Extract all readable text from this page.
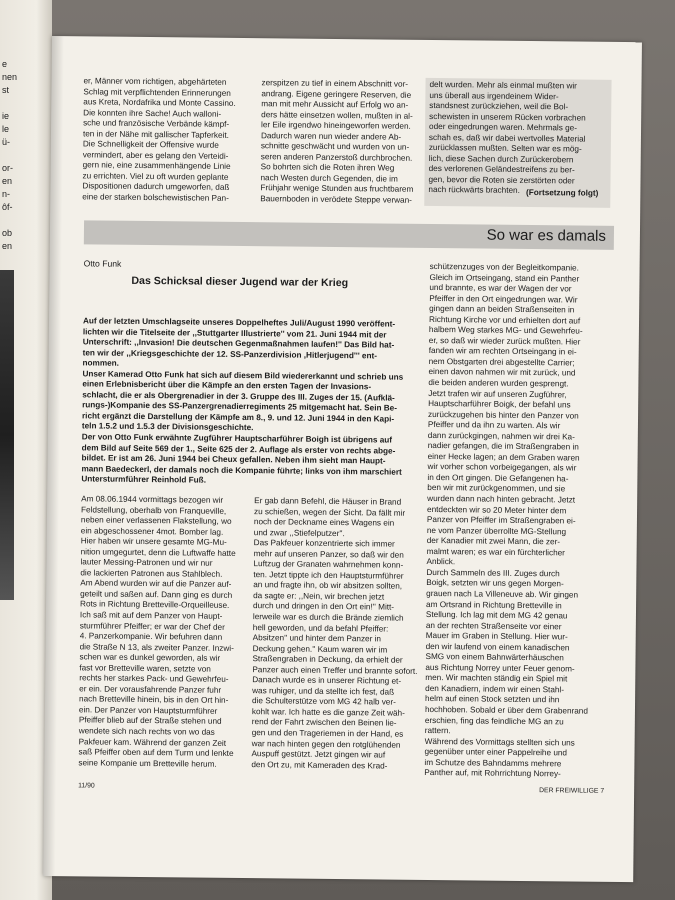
e
nen
st
ie
le
ü-
or-
en
n-
ôf-
ob
en
er, Männer vom richtigen, abgehärteten
Schlag mit verpflichtenden Erinnerungen
aus Kreta, Nordafrika und Monte Cassino.
Die konnten ihre Sache! Auch walloni-
sche und französische Verbände kämpf-
ten in der Nähe mit gallischer Tapferkeit.
Die Schnelligkeit der Offensive wurde
vermindert, aber es gelang den Verteidi-
gern nie, eine zusammenhängende Linie
zu errichten. Viel zu oft wurden geplante
Dispositionen dadurch umgeworfen, daß
eine der starken bolschewistischen Pan-
zerspitzen zu tief in einem Abschnitt vor-
andrang. Eigene geringere Reserven, die
man mit mehr Aussicht auf Erfolg wo an-
ders hätte einsetzen wollen, mußten in al-
ler Eile irgendwo hineingeworfen werden.
Dadurch waren nun wieder andere Ab-
schnitte geschwächt und wurden von un-
seren anderen Panzerstoß durchbrochen.
So bohrten sich die Roten ihren Weg
nach Westen durch Gegenden, die im
Frühjahr wenige Stunden aus fruchtbarem
Bauernboden in verödete Steppe verwan-
delt wurden. Mehr als einmal mußten wir
uns überall aus irgendeinem Wider-
standsnest zurückziehen, weil die Bol-
schewisten in unserem Rücken vorbrachen
oder eingedrungen waren. Mehrmals ge-
schah es, daß wir dabei wertvolles Material
zurücklassen mußten. Selten war es mög-
lich, diese Sachen durch Zurückerobern
des verlorenen Geländestreifens zu ber-
gen, bevor die Roten sie zerstörten oder
nach rückwärts brachten. (Fortsetzung folgt)
So war es damals
Otto Funk
Das Schicksal dieser Jugend war der Krieg
Auf der letzten Umschlagseite unseres Doppelheftes Juli/August 1990 veröffent-
lichten wir die Titelseite der ,,Stuttgarter Illustrierte'' vom 21. Juni 1944 mit der
Unterschrift: ,,Invasion! Die deutschen Gegenmaßnahmen laufen!'' Das Bild hat-
ten wir der ,,Kriegsgeschichte der 12. SS-Panzerdivision ,Hitlerjugend''' ent-
nommen.
Unser Kamerad Otto Funk hat sich auf diesem Bild wiedererkannt und schrieb uns
einen Erlebnisbericht über die Kämpfe an den ersten Tagen der Invasions-
schlacht, die er als Obergrenadier in der 3. Gruppe des III. Zuges der 15. (Aufklä-
rungs-)Kompanie des SS-Panzergrenadierregiments 25 mitgemacht hat. Sein Be-
richt ergänzt die Darstellung der Kämpfe am 8., 9. und 12. Juni 1944 in den Kapi-
teln 1.5.2 und 1.5.3 der Divisionsgeschichte.
Der von Otto Funk erwähnte Zugführer Hauptscharführer Boigh ist übrigens auf
dem Bild auf Seite 569 der 1., Seite 625 der 2. Auflage als erster von rechts abge-
bildet. Er ist am 26. Juni 1944 bei Cheux gefallen. Neben ihm sieht man Haupt-
mann Baedeckerl, der damals noch die Kompanie führte; links von ihm marschiert
Untersturmführer Reinhold Fuß.
Am 08.06.1944 vormittags bezogen wir
Feldstellung, oberhalb von Franqueville,
neben einer verlassenen Flakstellung, wo
ein abgeschossener 4mot. Bomber lag.
Hier haben wir unsere gesamte MG-Mu-
nition umgegurtet, denn die Luftwaffe hatte
lauter Messing-Patronen und wir nur
die lackierten Patronen aus Stahlblech.
Am Abend wurden wir auf die Panzer auf-
geteilt und saßen auf. Dann ging es durch
Rots in Richtung Bretteville-Orqueilleuse.
Ich saß mit auf dem Panzer von Haupt-
sturmführer Pfeiffer; er war der Chef der
4. Panzerkompanie. Wir befuhren dann
die Straße N 13, als zweiter Panzer. Inzwi-
schen war es dunkel geworden, als wir
fast vor Bretteville waren, setzte von
rechts her starkes Pack- und Gewehrfeu-
er ein. Der vorausfahrende Panzer fuhr
nach Bretteville hinein, bis in den Ort hin-
ein. Der Panzer von Hauptsturmführer
Pfeiffer blieb auf der Straße stehen und
wendete sich nach rechts von wo das
Pakfeuer kam. Während der ganzen Zeit
saß Pfeiffer oben auf dem Turm und lenkte
seine Kompanie um Bretteville herum.
Er gab dann Befehl, die Häuser in Brand
zu schießen, wegen der Sicht. Da fällt mir
noch der Deckname eines Wagens ein
und zwar ,,Stiefelputzer''.
Das Pakfeuer konzentrierte sich immer
mehr auf unseren Panzer, so daß wir den
Luftzug der Granaten wahrnehmen konn-
ten. Jetzt tippte ich den Hauptsturmführer
an und fragte ihn, ob wir absitzen sollten,
da sagte er: ,,Nein, wir brechen jetzt
durch und dringen in den Ort ein!'' Mitt-
lerweile war es durch die Brände ziemlich
hell geworden, und da befahl Pfeiffer:
Absitzen'' und hinter dem Panzer in
Deckung gehen.'' Kaum waren wir im
Straßengraben in Deckung, da erhielt der
Panzer auch einen Treffer und brannte sofort.
Danach wurde es in unserer Richtung et-
was ruhiger, und da stellte ich fest, daß
die Schulterstütze vom MG 42 halb ver-
kohlt war. Ich hatte es die ganze Zeit wäh-
rend der Fahrt zwischen den Beinen lie-
gen und den Trageriemen in der Hand, es
war nach hinten gegen den rotglühenden
Auspuff gestützt. Jetzt gingen wir auf
den Ort zu, mit Kameraden des Krad-
schützenzuges von der Begleitkompanie.
Gleich im Ortseingang, stand ein Panther
und brannte, es war der Wagen der vor
Pfeiffer in den Ort eingedrungen war. Wir
gingen dann an beiden Straßenseiten in
Richtung Kirche vor und erhielten dort auf
halbem Weg starkes MG- und Gewehrfeu-
er, so daß wir wieder zurück mußten. Hier
fanden wir am rechten Ortseingang in ei-
nem Obstgarten drei abgestellte Carrier;
einen davon nahmen wir mit zurück, und
die beiden anderen wurden gesprengt.
Jetzt trafen wir auf unseren Zugführer,
Hauptscharführer Boigk, der befahl uns
zurückzugehen bis hinter den Panzer von
Pfeiffer und da ihn zu warten. Als wir
dann zurückgingen, nahmen wir drei Ka-
nadier gefangen, die im Straßengraben in
einer Hecke lagen; an dem Graben waren
wir vorher schon vorbeigegangen, als wir
in den Ort gingen. Die Gefangenen ha-
ben wir mit zurückgenommen, und sie
wurden dann nach hinten gebracht. Jetzt
entdeckten wir so 20 Meter hinter dem
Panzer von Pfeiffer im Straßengraben ei-
ne vom Panzer überrollte MG-Stellung
der Kanadier mit zwei Mann, die zer-
malmt waren; es war ein fürchterlicher
Anblick.
Durch Sammeln des III. Zuges durch
Boigk, setzten wir uns gegen Morgen-
grauen nach La Villeneuve ab. Wir gingen
am Ortsrand in Richtung Bretteville in
Stellung. Ich lag mit dem MG 42 genau
an der rechten Straßenseite vor einer
Mauer im Graben in Stellung. Hier wur-
den wir laufend von einem kanadischen
SMG von einem Bahnwärterhäuschen
aus Richtung Norrey unter Feuer genom-
men. Wir machten ständig ein Spiel mit
den Kanadiern, indem wir einen Stahl-
helm auf einen Stock setzten und ihn
hochhoben. Sobald er über dem Grabenrand
erschien, fing das feindliche MG an zu
rattern.
Während des Vormittags stellten sich uns
gegenüber unter einer Pappelreihe und
im Schutze des Bahndamms mehrere
Panther auf, mit Rohrrichtung Norrey-
11/90
DER FREIWILLIGE 7
